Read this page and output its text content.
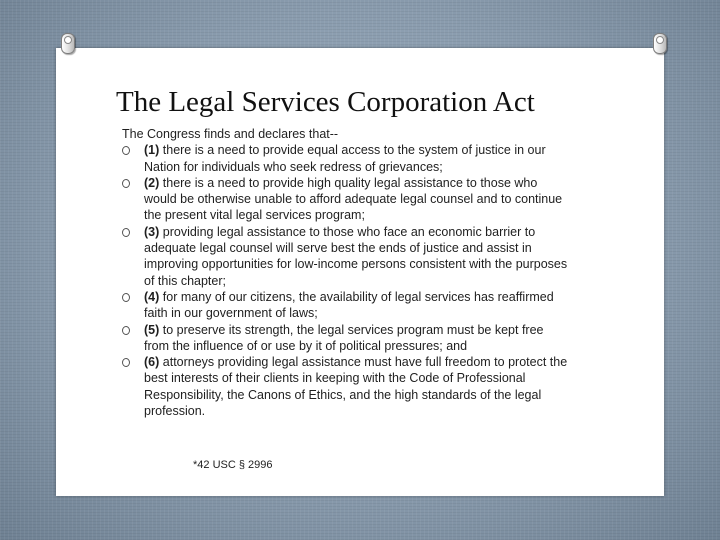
The Legal Services Corporation Act

The Congress finds and declares that--

(1) there is a need to provide equal access to the system of justice in our Nation for individuals who seek redress of grievances;
(2) there is a need to provide high quality legal assistance to those who would be otherwise unable to afford adequate legal counsel and to continue the present vital legal services program;
(3) providing legal assistance to those who face an economic barrier to adequate legal counsel will serve best the ends of justice and assist in improving opportunities for low-income persons consistent with the purposes of this chapter;
(4) for many of our citizens, the availability of legal services has reaffirmed faith in our government of laws;
(5) to preserve its strength, the legal services program must be kept free from the influence of or use by it of political pressures; and
(6) attorneys providing legal assistance must have full freedom to protect the best interests of their clients in keeping with the Code of Professional Responsibility, the Canons of Ethics, and the high standards of the legal profession.
*42 USC § 2996
